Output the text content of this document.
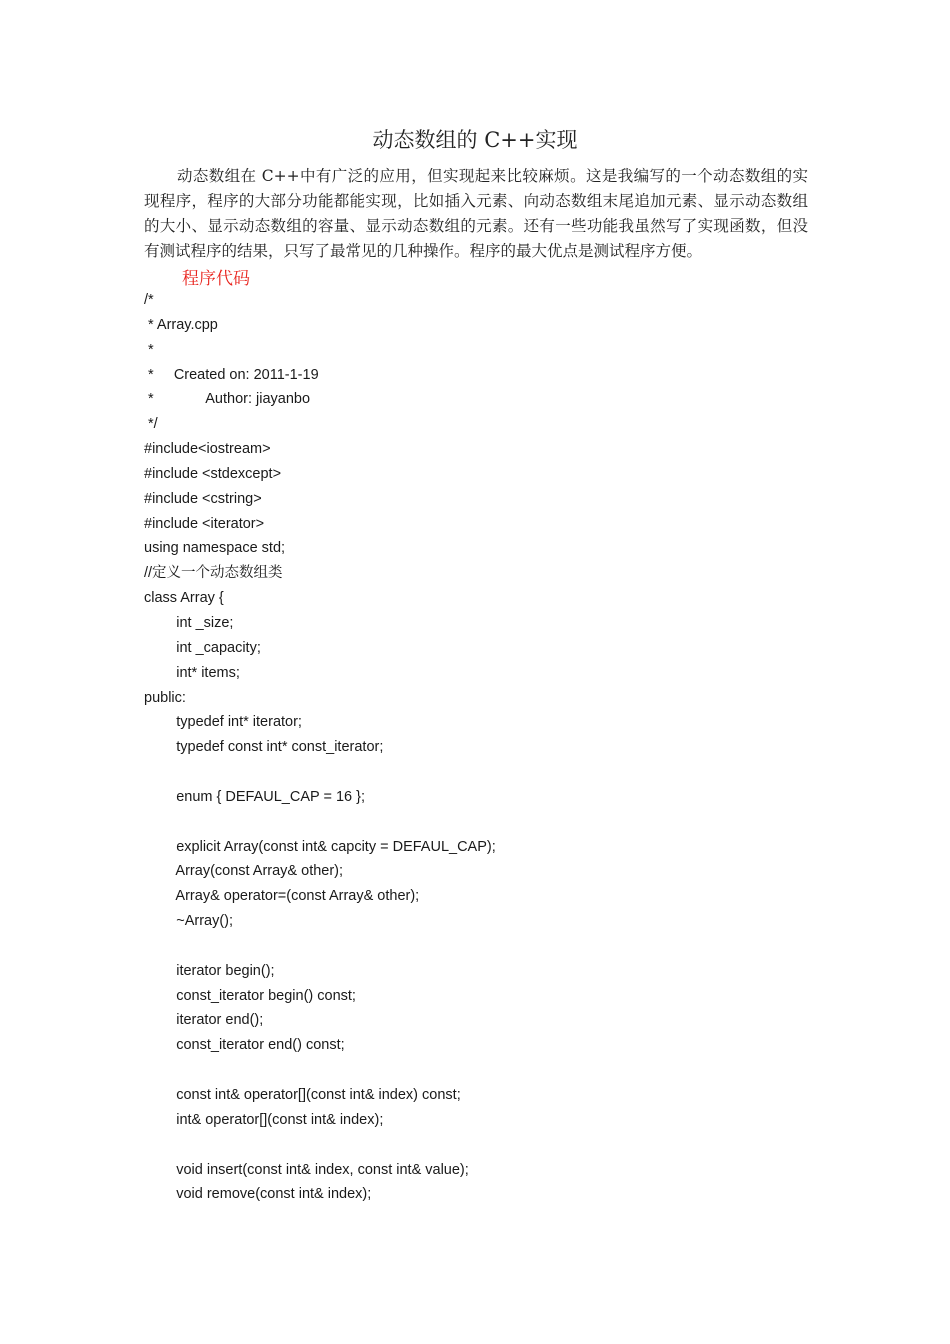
动态数组的 C++实现
动态数组在 C++中有广泛的应用，但实现起来比较麻烦。这是我编写的一个动态数组的实现程序，程序的大部分功能都能实现，比如插入元素、向动态数组末尾追加元素、显示动态数组的大小、显示动态数组的容量、显示动态数组的元素。还有一些功能我虽然写了实现函数，但没有测试程序的结果，只写了最常见的几种操作。程序的最大优点是测试程序方便。
程序代码
/*
* Array.cpp
*
*     Created on: 2011-1-19
*             Author: jiayanbo
*/
#include<iostream>
#include <stdexcept>
#include <cstring>
#include <iterator>
using namespace std;
//定义一个动态数组类
class Array {
int _size;
int _capacity;
int* items;
public:
typedef int* iterator;
typedef const int* const_iterator;
enum { DEFAUL_CAP = 16 };
explicit Array(const int& capcity = DEFAUL_CAP);
Array(const Array& other);
Array& operator=(const Array& other);
~Array();
iterator begin();
const_iterator begin() const;
iterator end();
const_iterator end() const;
const int& operator[](const int& index) const;
int& operator[](const int& index);
void insert(const int& index, const int& value);
void remove(const int& index);
